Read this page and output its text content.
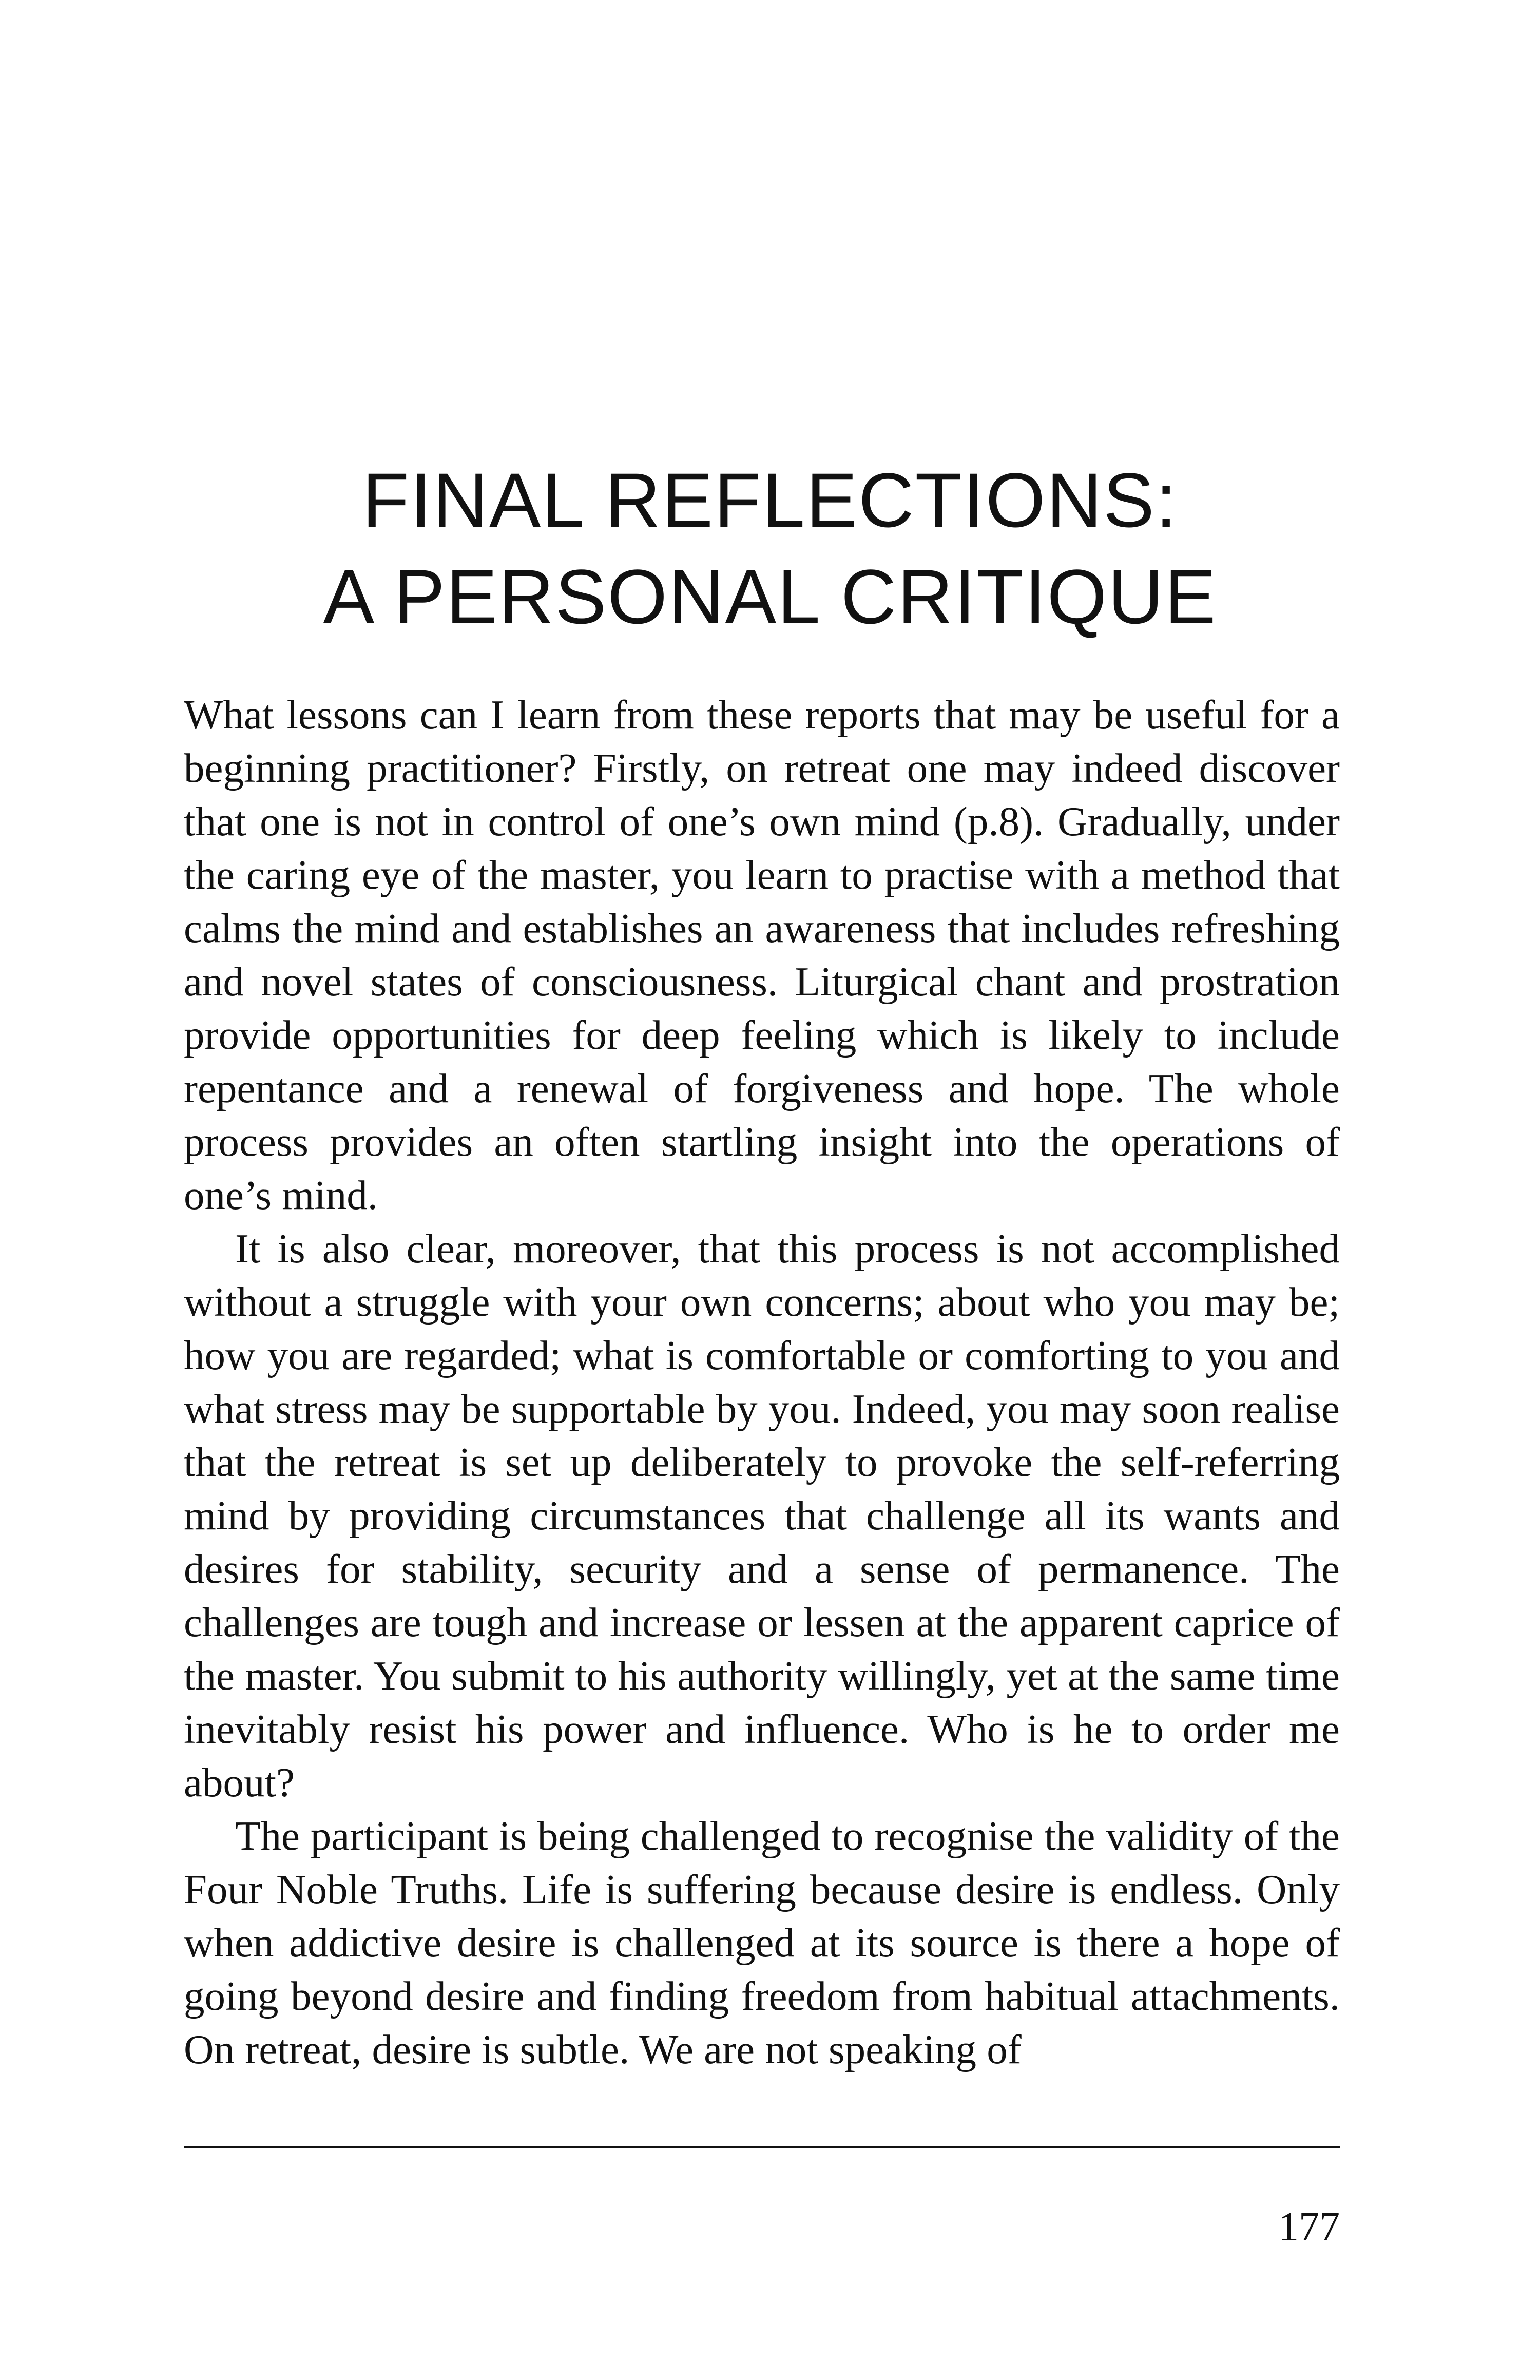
FINAL REFLECTIONS:
A PERSONAL CRITIQUE

What lessons can I learn from these reports that may be useful for a beginning practitioner? Firstly, on retreat one may indeed discover that one is not in control of one’s own mind (p.8). Gradually, under the caring eye of the master, you learn to practise with a method that calms the mind and establishes an awareness that includes refreshing and novel states of consciousness. Liturgical chant and prostration provide opportunities for deep feeling which is likely to include repentance and a renewal of forgiveness and hope. The whole process provides an often startling insight into the operations of one’s mind.

It is also clear, moreover, that this process is not accomplished without a struggle with your own concerns; about who you may be; how you are regarded; what is comfortable or comforting to you and what stress may be supportable by you. Indeed, you may soon realise that the retreat is set up deliberately to provoke the self-referring mind by providing circumstances that challenge all its wants and desires for stability, security and a sense of permanence. The challenges are tough and increase or lessen at the apparent caprice of the master. You submit to his authority willingly, yet at the same time inevitably resist his power and influence. Who is he to order me about?

The participant is being challenged to recognise the validity of the Four Noble Truths. Life is suffering because desire is endless. Only when addictive desire is challenged at its source is there a hope of going beyond desire and finding freedom from habitual attachments. On retreat, desire is subtle. We are not speaking of

177
